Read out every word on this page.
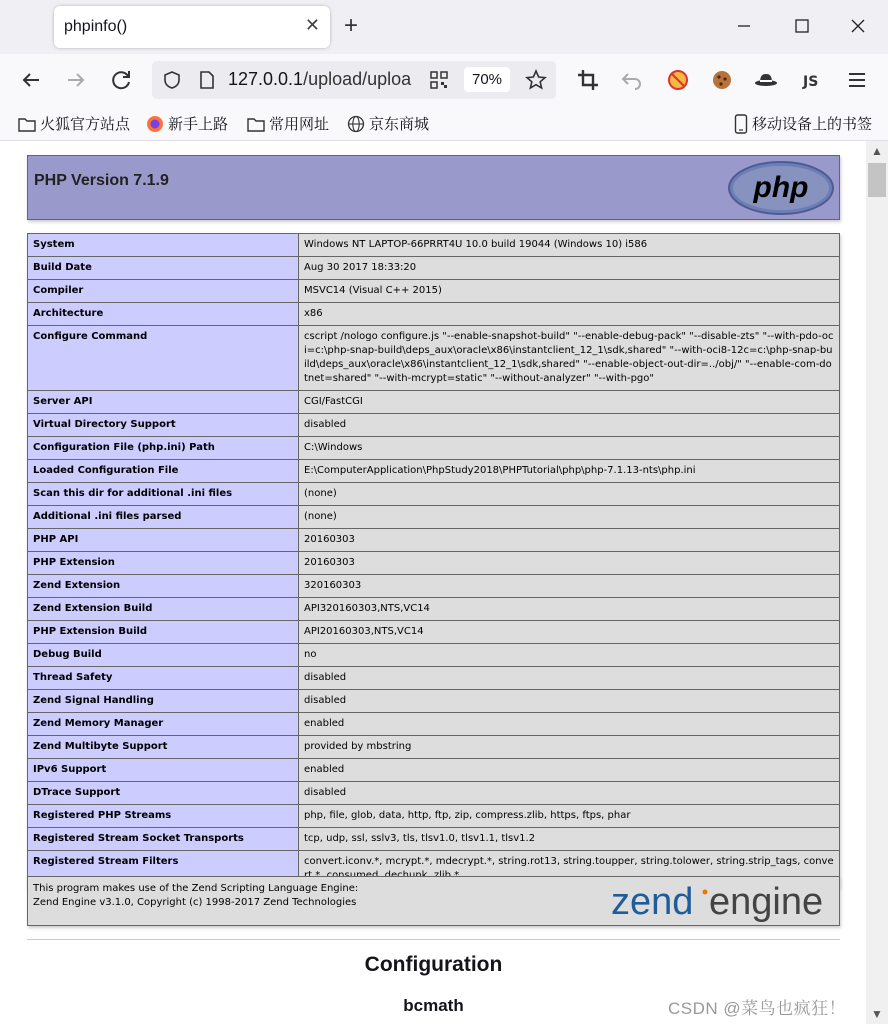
phpinfo()	✕ +
127.0.0.1/upload/uploa	70%	JS
火狐官方站点	新手上路	常用网址	京东商城	移动设备上的书签
PHP Version 7.1.9	php
System	Windows NT LAPTOP-66PRRT4U 10.0 build 19044 (Windows 10) i586
Build Date	Aug 30 2017 18:33:20
Compiler	MSVC14 (Visual C++ 2015)
Architecture	x86
Configure Command	cscript /nologo configure.js "--enable-snapshot-build" "--enable-debug-pack" "--disable-zts" "--with-pdo-oci=c:\php-snap-build\deps_aux\oracle\x86\instantclient_12_1\sdk,shared" "--with-oci8-12c=c:\php-snap-build\deps_aux\oracle\x86\instantclient_12_1\sdk,shared" "--enable-object-out-dir=../obj/" "--enable-com-dotnet=shared" "--with-mcrypt=static" "--without-analyzer" "--with-pgo"
Server API	CGI/FastCGI
Virtual Directory Support	disabled
Configuration File (php.ini) Path	C:\Windows
Loaded Configuration File	E:\ComputerApplication\PhpStudy2018\PHPTutorial\php\php-7.1.13-nts\php.ini
Scan this dir for additional .ini files	(none)
Additional .ini files parsed	(none)
PHP API	20160303
PHP Extension	20160303
Zend Extension	320160303
Zend Extension Build	API320160303,NTS,VC14
PHP Extension Build	API20160303,NTS,VC14
Debug Build	no
Thread Safety	disabled
Zend Signal Handling	disabled
Zend Memory Manager	enabled
Zend Multibyte Support	provided by mbstring
IPv6 Support	enabled
DTrace Support	disabled
Registered PHP Streams	php, file, glob, data, http, ftp, zip, compress.zlib, https, ftps, phar
Registered Stream Socket Transports	tcp, udp, ssl, sslv3, tls, tlsv1.0, tlsv1.1, tlsv1.2
Registered Stream Filters	convert.iconv.*, mcrypt.*, mdecrypt.*, string.rot13, string.toupper, string.tolower, string.strip_tags, conve
This program makes use of the Zend Scripting Language Engine:
Zend Engine v3.1.0, Copyright (c) 1998-2017 Zend Technologies	zend engine
Configuration
bcmath
▲
▼
CSDN @菜鸟也疯狂！
